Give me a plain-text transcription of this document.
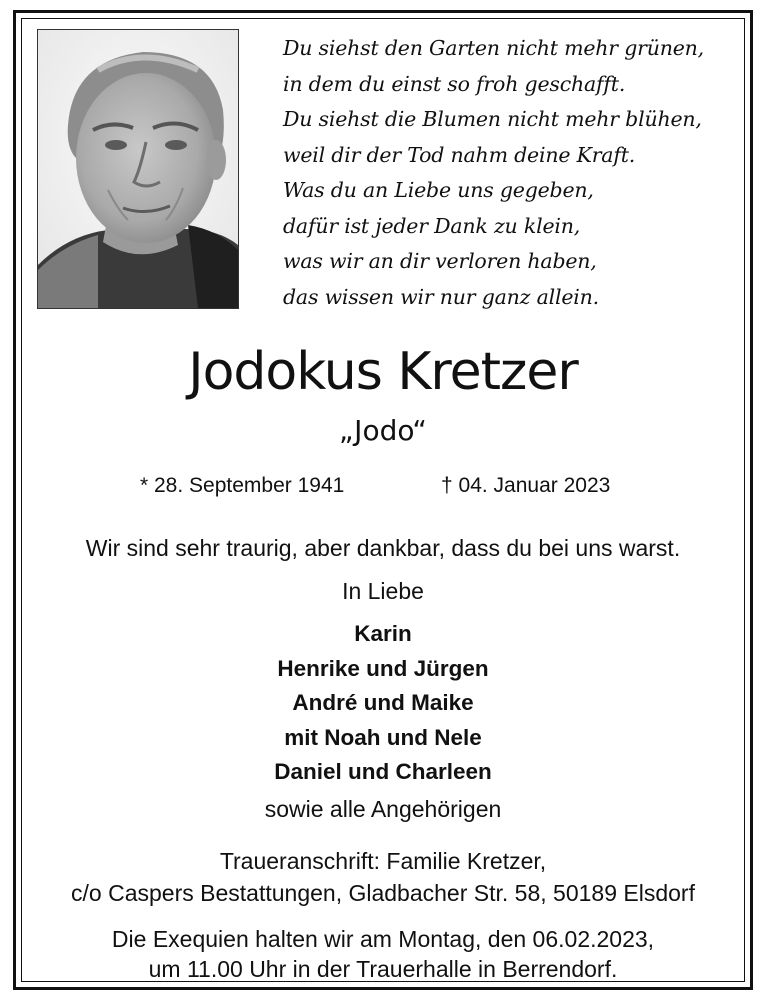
Du siehst den Garten nicht mehr grünen,
in dem du einst so froh geschafft.
Du siehst die Blumen nicht mehr blühen,
weil dir der Tod nahm deine Kraft.
Was du an Liebe uns gegeben,
dafür ist jeder Dank zu klein,
was wir an dir verloren haben,
das wissen wir nur ganz allein.
Jodokus Kretzer
„Jodo“
* 28. September 1941	† 04. Januar 2023
Wir sind sehr traurig, aber dankbar, dass du bei uns warst.
In Liebe
Karin
Henrike und Jürgen
André und Maike
mit Noah und Nele
Daniel und Charleen
sowie alle Angehörigen
Traueranschrift: Familie Kretzer,
c/o Caspers Bestattungen, Gladbacher Str. 58, 50189 Elsdorf
Die Exequien halten wir am Montag, den 06.02.2023,
um 11.00 Uhr in der Trauerhalle in Berrendorf.
